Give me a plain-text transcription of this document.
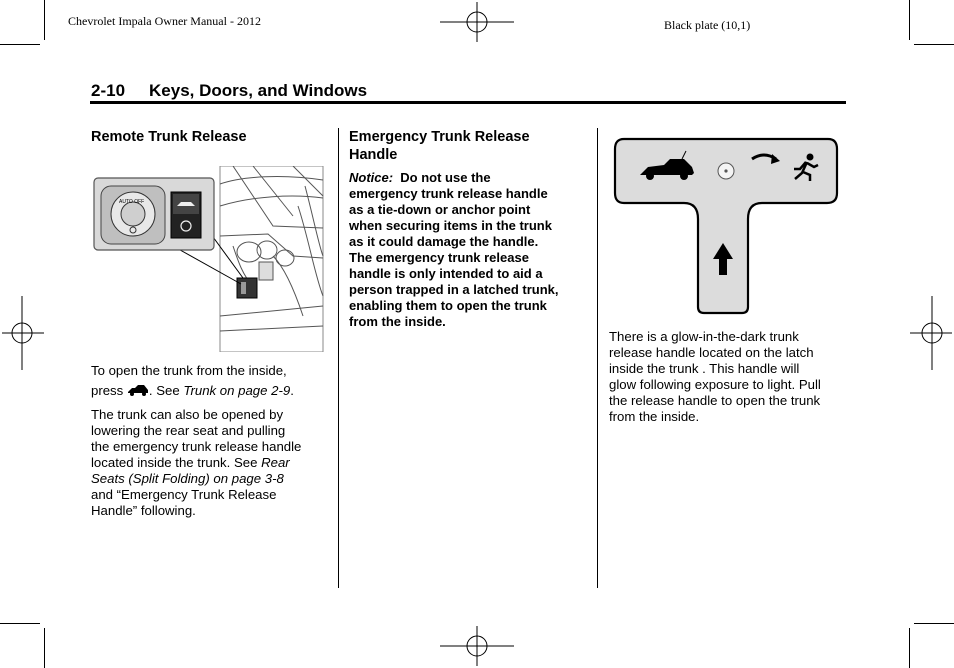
Chevrolet Impala Owner Manual - 2012	Black plate (10,1)
2-10 Keys, Doors, and Windows
Remote Trunk Release
AUTO OFF

To open the trunk from the inside,

press . See Trunk on page 2-9.

The trunk can also be opened by

lowering the rear seat and pulling

the emergency trunk release handle

located inside the trunk. See Rear

Seats (Split Folding) on page 3-8

and “Emergency Trunk Release

Handle” following.

Emergency Trunk Release
Handle
Notice: Do not use the
emergency trunk release handle
as a tie-down or anchor point
when securing items in the trunk
as it could damage the handle.
The emergency trunk release
handle is only intended to aid a
person trapped in a latched trunk,
enabling them to open the trunk
from the inside.

There is a glow-in-the-dark trunk

release handle located on the latch

inside the trunk . This handle will

glow following exposure to light. Pull

the release handle to open the trunk

from the inside.
